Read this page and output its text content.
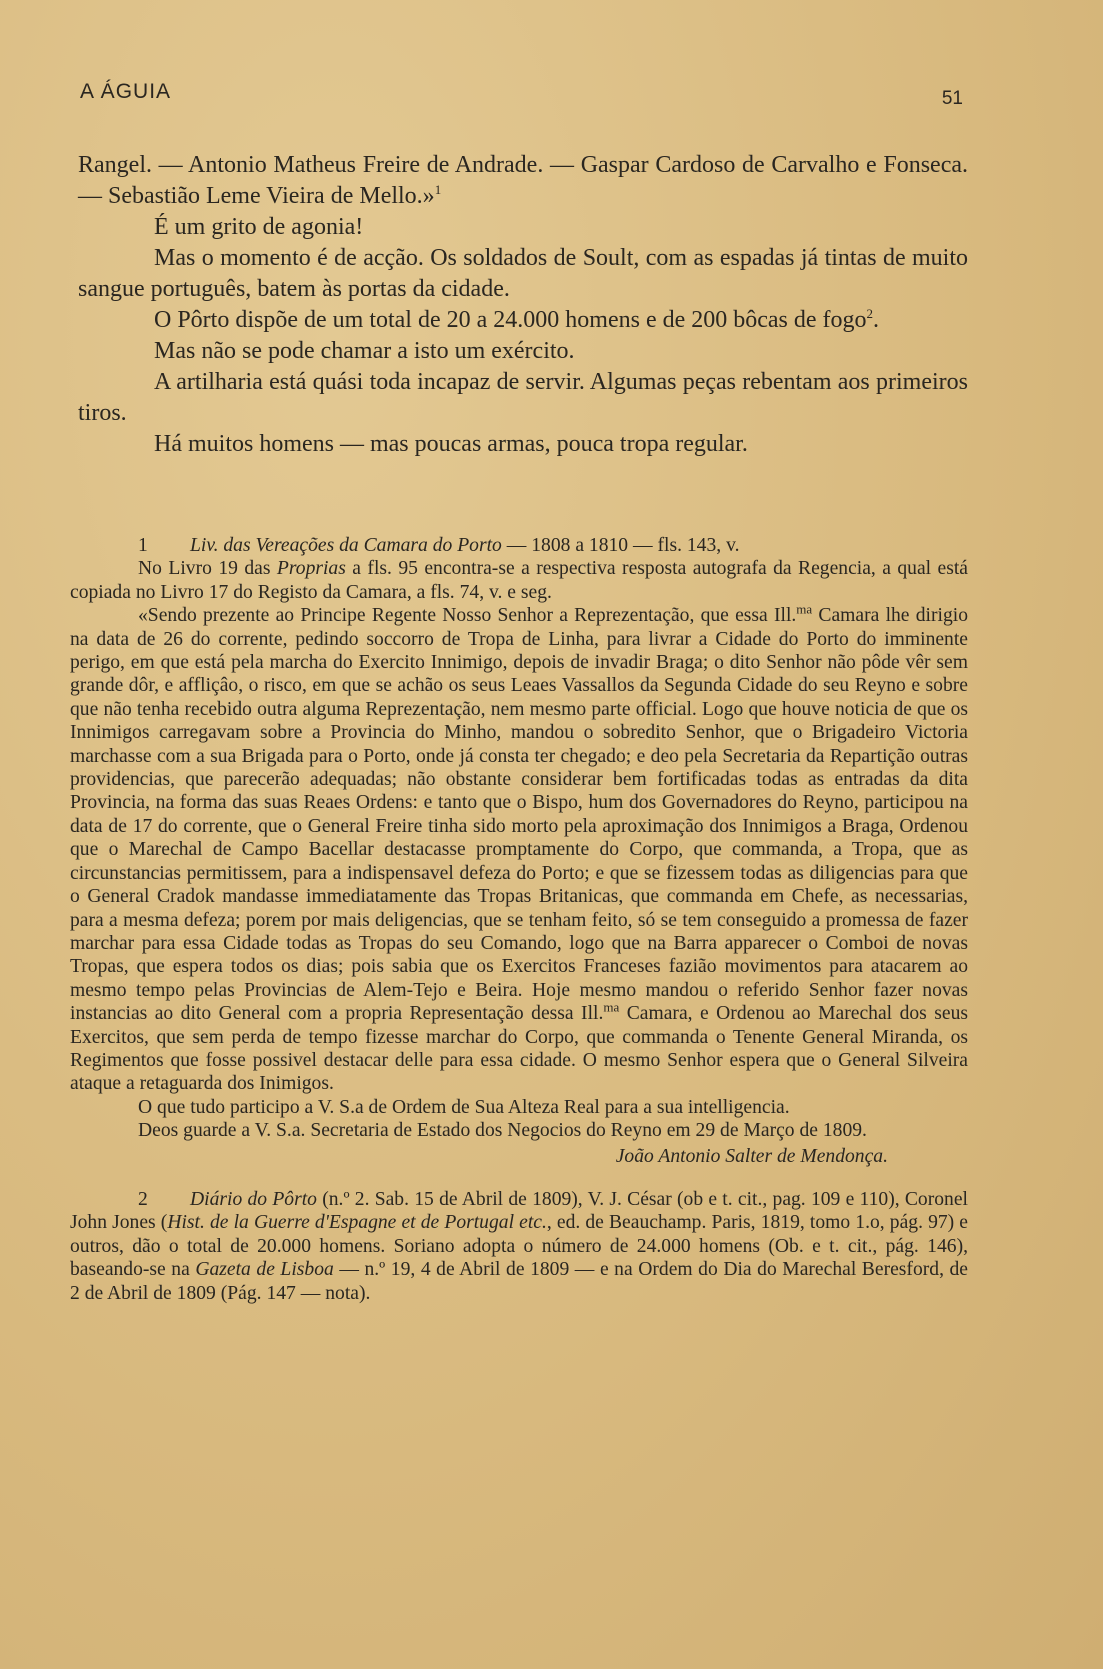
A ÁGUIA	51

Rangel. — Antonio Matheus Freire de Andrade. — Gaspar Cardoso de Carvalho e Fonseca. — Sebastião Leme Vieira de Mello.»$^1$

É um grito de agonia!

Mas o momento é de acção. Os soldados de Soult, com as espadas já tintas de muito sangue português, batem às portas da cidade.

O Pôrto dispõe de um total de 20 a 24.000 homens e de 200 bôcas de fogo$^2$.

Mas não se pode chamar a isto um exército.

A artilharia está quási toda incapaz de servir. Algumas peças rebentam aos primeiros tiros.

Há muitos homens — mas poucas armas, pouca tropa regular.

1 Liv. das Vereações da Camara do Porto — 1808 a 1810 — fls. 143, v.

No Livro 19 das Proprias a fls. 95 encontra-se a respectiva resposta autografa da Regencia, a qual está copiada no Livro 17 do Registo da Camara, a fls. 74, v. e seg.

«Sendo prezente ao Principe Regente Nosso Senhor a Reprezentação, que essa Ill.$^{ma}$ Camara lhe dirigio na data de 26 do corrente, pedindo soccorro de Tropa de Linha, para livrar a Cidade do Porto do imminente perigo, em que está pela marcha do Exercito Innimigo, depois de invadir Braga; o dito Senhor não pôde vêr sem grande dôr, e affliçâo, o risco, em que se achão os seus Leaes Vassallos da Segunda Cidade do seu Reyno e sobre que não tenha recebido outra alguma Reprezentação, nem mesmo parte official. Logo que houve noticia de que os Innimigos carregavam sobre a Provincia do Minho, mandou o sobredito Senhor, que o Brigadeiro Victoria marchasse com a sua Brigada para o Porto, onde já consta ter chegado; e deo pela Secretaria da Repartição outras providencias, que parecerão adequadas; não obstante considerar bem fortificadas todas as entradas da dita Provincia, na forma das suas Reaes Ordens: e tanto que o Bispo, hum dos Governadores do Reyno, participou na data de 17 do corrente, que o General Freire tinha sido morto pela aproximação dos Innimigos a Braga, Ordenou que o Marechal de Campo Bacellar destacasse promptamente do Corpo, que commanda, a Tropa, que as circunstancias permitissem, para a indispensavel defeza do Porto; e que se fizessem todas as diligencias para que o General Cradok mandasse immediatamente das Tropas Britanicas, que commanda em Chefe, as necessarias, para a mesma defeza; porem por mais deligencias, que se tenham feito, só se tem conseguido a promessa de fazer marchar para essa Cidade todas as Tropas do seu Comando, logo que na Barra apparecer o Comboi de novas Tropas, que espera todos os dias; pois sabia que os Exercitos Franceses fazião movimentos para atacarem ao mesmo tempo pelas Provincias de Alem-Tejo e Beira. Hoje mesmo mandou o referido Senhor fazer novas instancias ao dito General com a propria Representação dessa Ill.$^{ma}$ Camara, e Ordenou ao Marechal dos seus Exercitos, que sem perda de tempo fizesse marchar do Corpo, que commanda o Tenente General Miranda, os Regimentos que fosse possivel destacar delle para essa cidade. O mesmo Senhor espera que o General Silveira ataque a retaguarda dos Inimigos.

O que tudo participo a V. S.a de Ordem de Sua Alteza Real para a sua intelligencia.

Deos guarde a V. S.a. Secretaria de Estado dos Negocios do Reyno em 29 de Março de 1809.

João Antonio Salter de Mendonça.

2 Diário do Pôrto (n.º 2. Sab. 15 de Abril de 1809), V. J. César (ob e t. cit., pag. 109 e 110), Coronel John Jones (Hist. de la Guerre d'Espagne et de Portugal etc., ed. de Beauchamp. Paris, 1819, tomo 1.o, pág. 97) e outros, dão o total de 20.000 homens. Soriano adopta o número de 24.000 homens (Ob. e t. cit., pág. 146), baseando-se na Gazeta de Lisboa — n.º 19, 4 de Abril de 1809 — e na Ordem do Dia do Marechal Beresford, de 2 de Abril de 1809 (Pág. 147 — nota).
